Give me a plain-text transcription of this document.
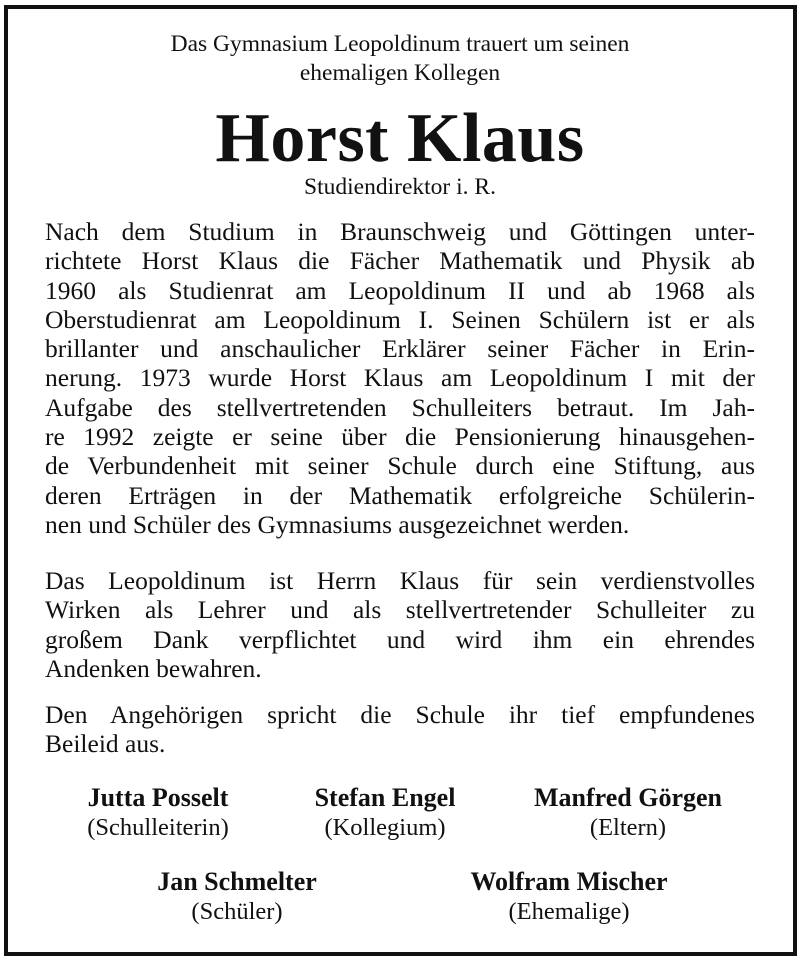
Das Gymnasium Leopoldinum trauert um seinen
ehemaligen Kollegen
Horst Klaus
Studiendirektor i. R.
Nach dem Studium in Braunschweig und Göttingen unter-
richtete Horst Klaus die Fächer Mathematik und Physik ab
1960 als Studienrat am Leopoldinum II und ab 1968 als
Oberstudienrat am Leopoldinum I. Seinen Schülern ist er als
brillanter und anschaulicher Erklärer seiner Fächer in Erin-
nerung. 1973 wurde Horst Klaus am Leopoldinum I mit der
Aufgabe des stellvertretenden Schulleiters betraut. Im Jah-
re 1992 zeigte er seine über die Pensionierung hinausgehen-
de Verbundenheit mit seiner Schule durch eine Stiftung, aus
deren Erträgen in der Mathematik erfolgreiche Schülerin-
nen und Schüler des Gymnasiums ausgezeichnet werden.
Das Leopoldinum ist Herrn Klaus für sein verdienstvolles
Wirken als Lehrer und als stellvertretender Schulleiter zu
großem Dank verpflichtet und wird ihm ein ehrendes
Andenken bewahren.
Den Angehörigen spricht die Schule ihr tief empfundenes
Beileid aus.
Jutta Posselt
(Schulleiterin)
Stefan Engel
(Kollegium)
Manfred Görgen
(Eltern)
Jan Schmelter
(Schüler)
Wolfram Mischer
(Ehemalige)
